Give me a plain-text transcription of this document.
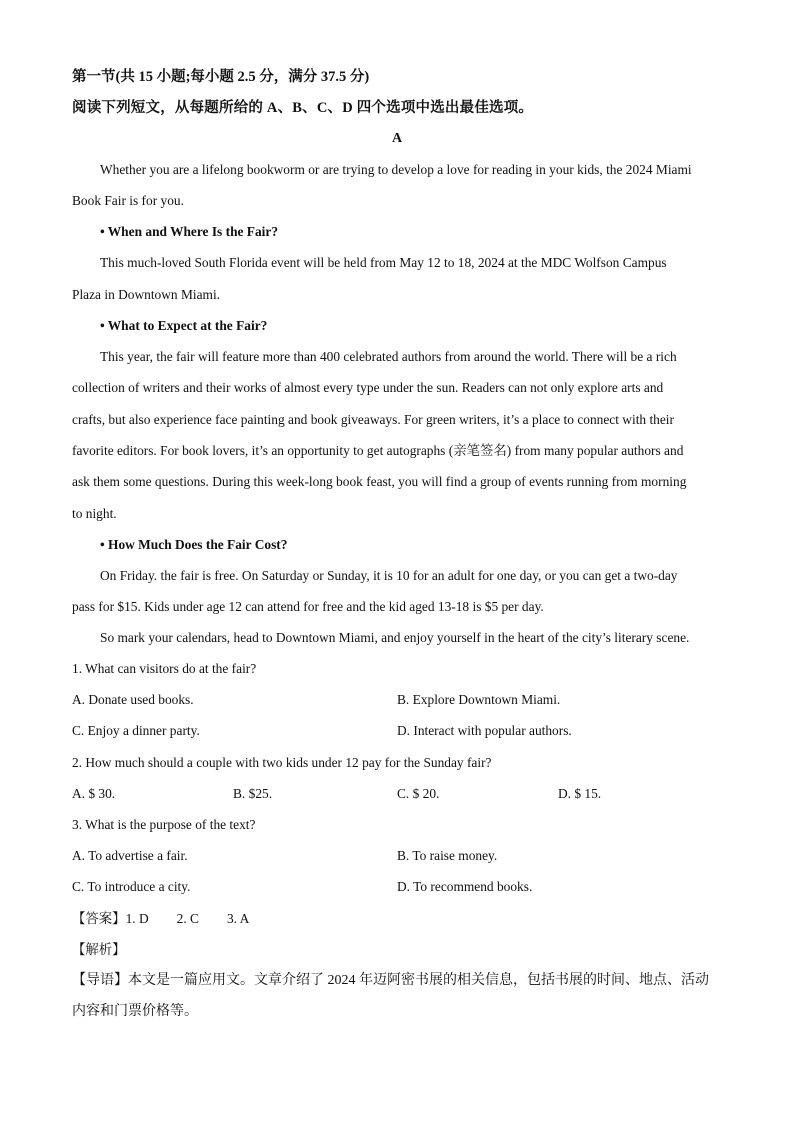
第一节(共 15 小题;每小题 2.5 分，满分 37.5 分)
阅读下列短文，从每题所给的 A、B、C、D 四个选项中选出最佳选项。
A
Whether you are a lifelong bookworm or are trying to develop a love for reading in your kids, the 2024 Miami
Book Fair is for you.
• When and Where Is the Fair?
This much-loved South Florida event will be held from May 12 to 18, 2024 at the MDC Wolfson Campus
Plaza in Downtown Miami.
• What to Expect at the Fair?
This year, the fair will feature more than 400 celebrated authors from around the world. There will be a rich
collection of writers and their works of almost every type under the sun. Readers can not only explore arts and
crafts, but also experience face painting and book giveaways. For green writers, it’s a place to connect with their
favorite editors. For book lovers, it’s an opportunity to get autographs (亲笔签名) from many popular authors and
ask them some questions. During this week-long book feast, you will find a group of events running from morning
to night.
• How Much Does the Fair Cost?
On Friday. the fair is free. On Saturday or Sunday, it is 10 for an adult for one day, or you can get a two-day
pass for $15. Kids under age 12 can attend for free and the kid aged 13-18 is $5 per day.
So mark your calendars, head to Downtown Miami, and enjoy yourself in the heart of the city’s literary scene.
1. What can visitors do at the fair?
A. Donate used books.	B. Explore Downtown Miami.
C. Enjoy a dinner party.	D. Interact with popular authors.
2. How much should a couple with two kids under 12 pay for the Sunday fair?
A. $ 30.	B. $25.	C. $ 20.	D. $ 15.
3. What is the purpose of the text?
A. To advertise a fair.	B. To raise money.
C. To introduce a city.	D. To recommend books.
【答案】1. D 2. C 3. A
【解析】
【导语】本文是一篇应用文。文章介绍了 2024 年迈阿密书展的相关信息，包括书展的时间、地点、活动
内容和门票价格等。
